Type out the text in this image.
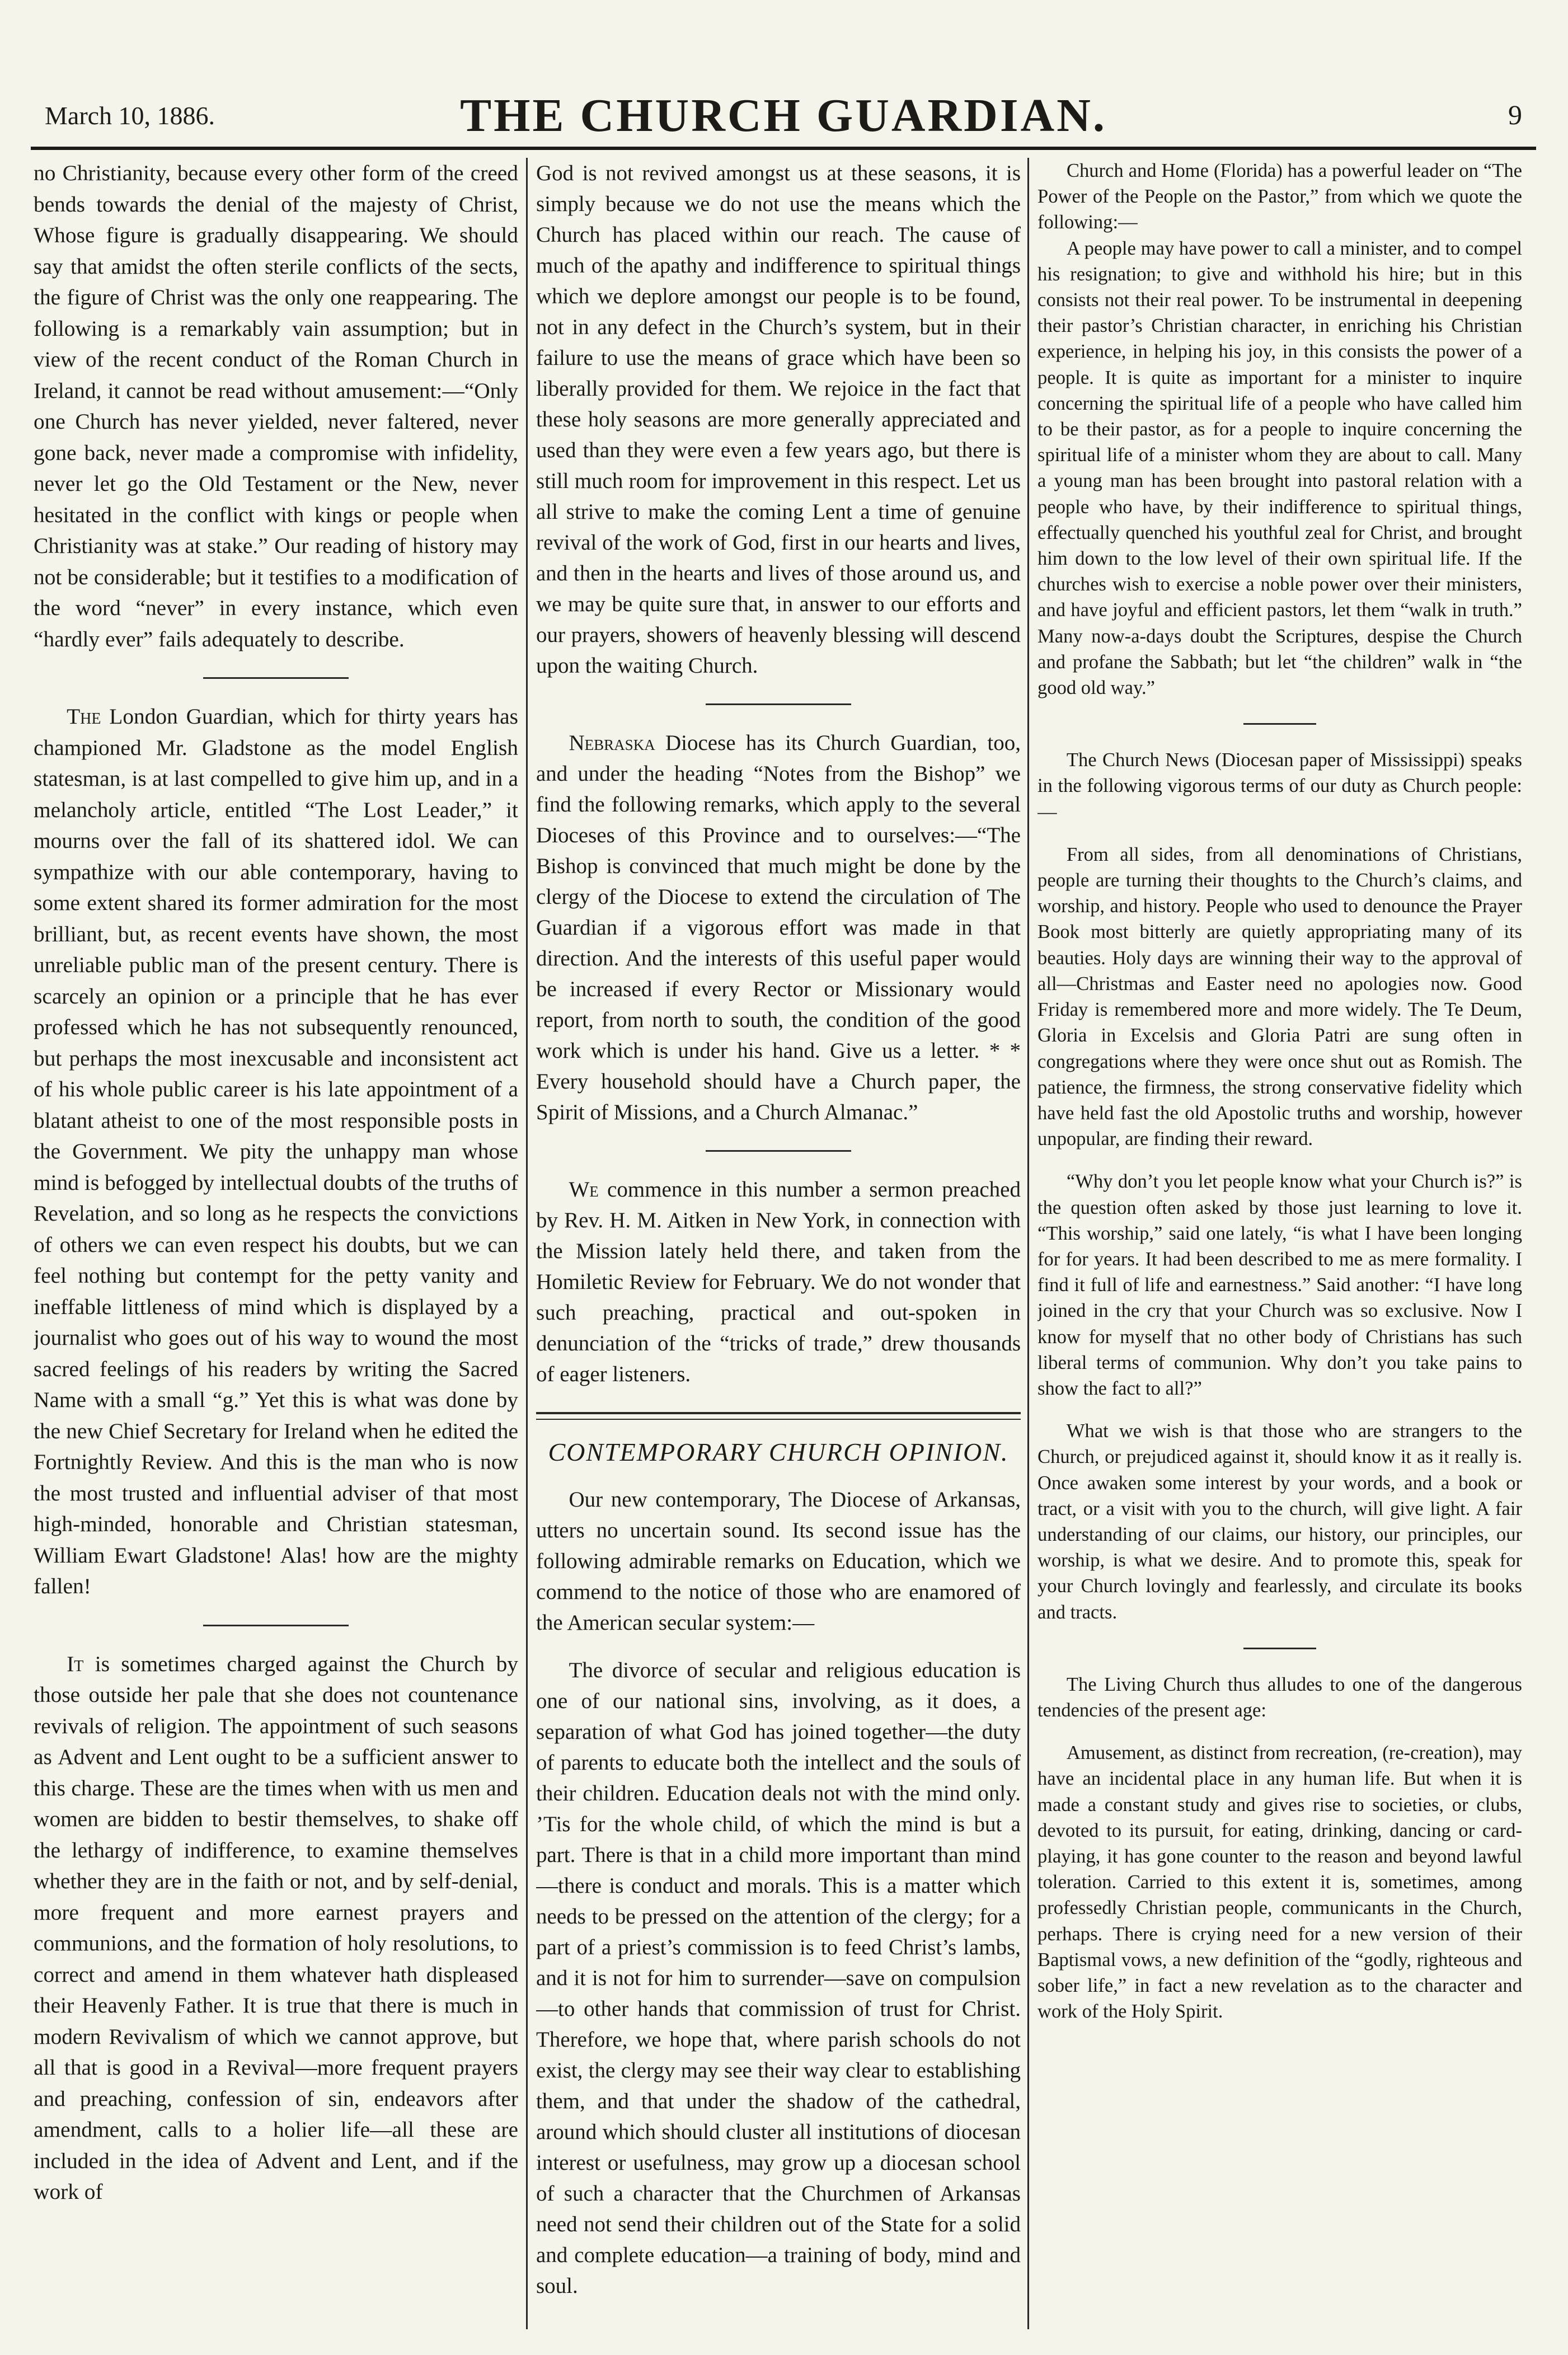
March 10, 1886.	THE CHURCH GUARDIAN.	9

no Christianity, because every other form of the creed bends towards the denial of the majesty of Christ, Whose figure is gradually disappearing. We should say that amidst the often sterile conflicts of the sects, the figure of Christ was the only one reappearing. The following is a remarkably vain assumption; but in view of the recent conduct of the Roman Church in Ireland, it cannot be read without amusement:—“Only one Church has never yielded, never faltered, never gone back, never made a compromise with infidelity, never let go the Old Testament or the New, never hesitated in the conflict with kings or people when Christianity was at stake.” Our reading of history may not be considerable; but it testifies to a modification of the word “never” in every instance, which even “hardly ever” fails adequately to describe.

The London Guardian, which for thirty years has championed Mr. Gladstone as the model English statesman, is at last compelled to give him up, and in a melancholy article, entitled “The Lost Leader,” it mourns over the fall of its shattered idol. We can sympathize with our able contemporary, having to some extent shared its former admiration for the most brilliant, but, as recent events have shown, the most unreliable public man of the present century. There is scarcely an opinion or a principle that he has ever professed which he has not subsequently renounced, but perhaps the most inexcusable and inconsistent act of his whole public career is his late appointment of a blatant atheist to one of the most responsible posts in the Government. We pity the unhappy man whose mind is befogged by intellectual doubts of the truths of Revelation, and so long as he respects the convictions of others we can even respect his doubts, but we can feel nothing but contempt for the petty vanity and ineffable littleness of mind which is displayed by a journalist who goes out of his way to wound the most sacred feelings of his readers by writing the Sacred Name with a small “g.” Yet this is what was done by the new Chief Secretary for Ireland when he edited the Fortnightly Review. And this is the man who is now the most trusted and influential adviser of that most high-minded, honorable and Christian statesman, William Ewart Gladstone! Alas! how are the mighty fallen!

It is sometimes charged against the Church by those outside her pale that she does not countenance revivals of religion. The appointment of such seasons as Advent and Lent ought to be a sufficient answer to this charge. These are the times when with us men and women are bidden to bestir themselves, to shake off the lethargy of indifference, to examine themselves whether they are in the faith or not, and by self-denial, more frequent and more earnest prayers and communions, and the formation of holy resolutions, to correct and amend in them whatever hath displeased their Heavenly Father. It is true that there is much in modern Revivalism of which we cannot approve, but all that is good in a Revival—more frequent prayers and preaching, confession of sin, endeavors after amendment, calls to a holier life—all these are included in the idea of Advent and Lent, and if the work of

God is not revived amongst us at these seasons, it is simply because we do not use the means which the Church has placed within our reach. The cause of much of the apathy and indifference to spiritual things which we deplore amongst our people is to be found, not in any defect in the Church’s system, but in their failure to use the means of grace which have been so liberally provided for them. We rejoice in the fact that these holy seasons are more generally appreciated and used than they were even a few years ago, but there is still much room for improvement in this respect. Let us all strive to make the coming Lent a time of genuine revival of the work of God, first in our hearts and lives, and then in the hearts and lives of those around us, and we may be quite sure that, in answer to our efforts and our prayers, showers of heavenly blessing will descend upon the waiting Church.

Nebraska Diocese has its Church Guardian, too, and under the heading “Notes from the Bishop” we find the following remarks, which apply to the several Dioceses of this Province and to ourselves:—“The Bishop is convinced that much might be done by the clergy of the Diocese to extend the circulation of The Guardian if a vigorous effort was made in that direction. And the interests of this useful paper would be increased if every Rector or Missionary would report, from north to south, the condition of the good work which is under his hand. Give us a letter. * * Every household should have a Church paper, the Spirit of Missions, and a Church Almanac.”

We commence in this number a sermon preached by Rev. H. M. Aitken in New York, in connection with the Mission lately held there, and taken from the Homiletic Review for February. We do not wonder that such preaching, practical and out-spoken in denunciation of the “tricks of trade,” drew thousands of eager listeners.

CONTEMPORARY CHURCH OPINION.

Our new contemporary, The Diocese of Arkansas, utters no uncertain sound. Its second issue has the following admirable remarks on Education, which we commend to the notice of those who are enamored of the American secular system:—

The divorce of secular and religious education is one of our national sins, involving, as it does, a separation of what God has joined together—the duty of parents to educate both the intellect and the souls of their children. Education deals not with the mind only. ’Tis for the whole child, of which the mind is but a part. There is that in a child more important than mind—there is conduct and morals. This is a matter which needs to be pressed on the attention of the clergy; for a part of a priest’s commission is to feed Christ’s lambs, and it is not for him to surrender—save on compulsion—to other hands that commission of trust for Christ. Therefore, we hope that, where parish schools do not exist, the clergy may see their way clear to establishing them, and that under the shadow of the cathedral, around which should cluster all institutions of diocesan interest or usefulness, may grow up a diocesan school of such a character that the Churchmen of Arkansas need not send their children out of the State for a solid and complete education—a training of body, mind and soul.

Church and Home (Florida) has a powerful leader on “The Power of the People on the Pastor,” from which we quote the following:—

A people may have power to call a minister, and to compel his resignation; to give and withhold his hire; but in this consists not their real power. To be instrumental in deepening their pastor’s Christian character, in enriching his Christian experience, in helping his joy, in this consists the power of a people. It is quite as important for a minister to inquire concerning the spiritual life of a people who have called him to be their pastor, as for a people to inquire concerning the spiritual life of a minister whom they are about to call. Many a young man has been brought into pastoral relation with a people who have, by their indifference to spiritual things, effectually quenched his youthful zeal for Christ, and brought him down to the low level of their own spiritual life. If the churches wish to exercise a noble power over their ministers, and have joyful and efficient pastors, let them “walk in truth.” Many now-a-days doubt the Scriptures, despise the Church and profane the Sabbath; but let “the children” walk in “the good old way.”

The Church News (Diocesan paper of Mississippi) speaks in the following vigorous terms of our duty as Church people:—

From all sides, from all denominations of Christians, people are turning their thoughts to the Church’s claims, and worship, and history. People who used to denounce the Prayer Book most bitterly are quietly appropriating many of its beauties. Holy days are winning their way to the approval of all—Christmas and Easter need no apologies now. Good Friday is remembered more and more widely. The Te Deum, Gloria in Excelsis and Gloria Patri are sung often in congregations where they were once shut out as Romish. The patience, the firmness, the strong conservative fidelity which have held fast the old Apostolic truths and worship, however unpopular, are finding their reward.

“Why don’t you let people know what your Church is?” is the question often asked by those just learning to love it. “This worship,” said one lately, “is what I have been longing for for years. It had been described to me as mere formality. I find it full of life and earnestness.” Said another: “I have long joined in the cry that your Church was so exclusive. Now I know for myself that no other body of Christians has such liberal terms of communion. Why don’t you take pains to show the fact to all?”

What we wish is that those who are strangers to the Church, or prejudiced against it, should know it as it really is. Once awaken some interest by your words, and a book or tract, or a visit with you to the church, will give light. A fair understanding of our claims, our history, our principles, our worship, is what we desire. And to promote this, speak for your Church lovingly and fearlessly, and circulate its books and tracts.

The Living Church thus alludes to one of the dangerous tendencies of the present age:

Amusement, as distinct from recreation, (re-creation), may have an incidental place in any human life. But when it is made a constant study and gives rise to societies, or clubs, devoted to its pursuit, for eating, drinking, dancing or card-playing, it has gone counter to the reason and beyond lawful toleration. Carried to this extent it is, sometimes, among professedly Christian people, communicants in the Church, perhaps. There is crying need for a new version of their Baptismal vows, a new definition of the “godly, righteous and sober life,” in fact a new revelation as to the character and work of the Holy Spirit.
